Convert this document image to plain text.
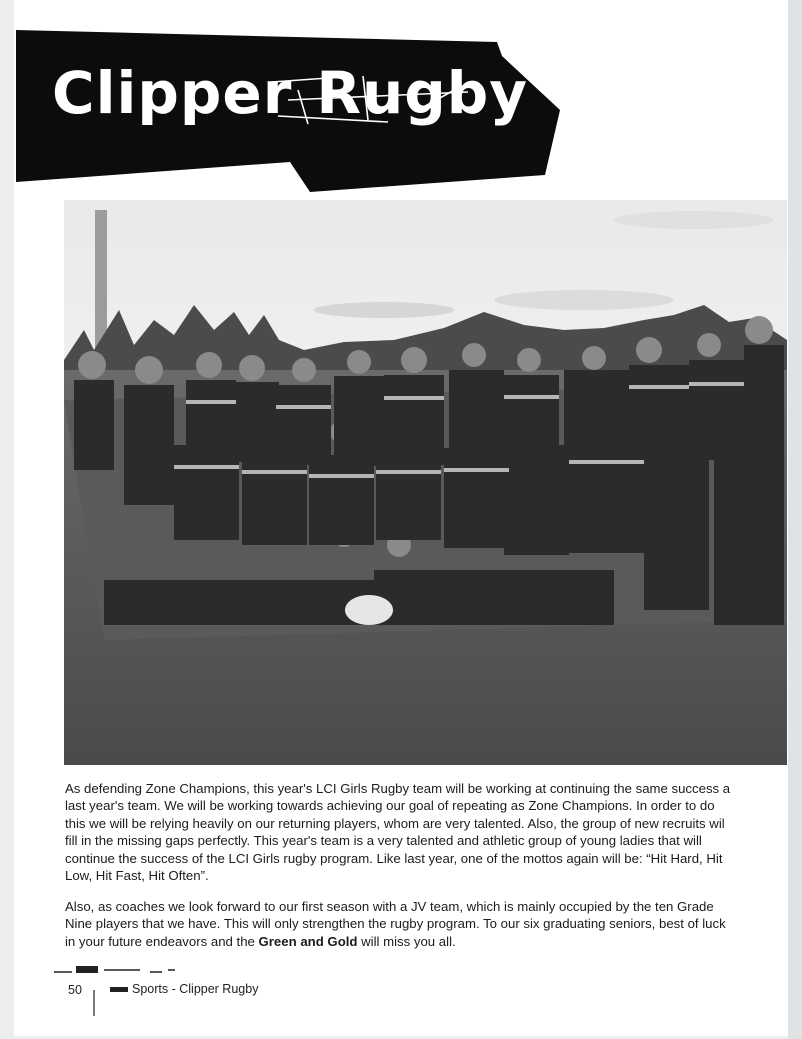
Clipper Rugby
As defending Zone Champions, this year's LCI Girls Rugby team will be working at continuing the same success a
last year's team. We will be working towards achieving our goal of repeating as Zone Champions. In order to do
this we will be relying heavily on our returning players, whom are very talented. Also, the group of new recruits wil
fill in the missing gaps perfectly. This year's team is a very talented and athletic group of young ladies that will
continue the success of the LCI Girls rugby program. Like last year, one of the mottos again will be: “Hit Hard, Hit
Low, Hit Fast, Hit Often”.
Also, as coaches we look forward to our first season with a JV team, which is mainly occupied by the ten Grade
Nine players that we have. This will only strengthen the rugby program. To our six graduating seniors, best of luck
in your future endeavors and the Green and Gold will miss you all.
50	Sports - Clipper Rugby
